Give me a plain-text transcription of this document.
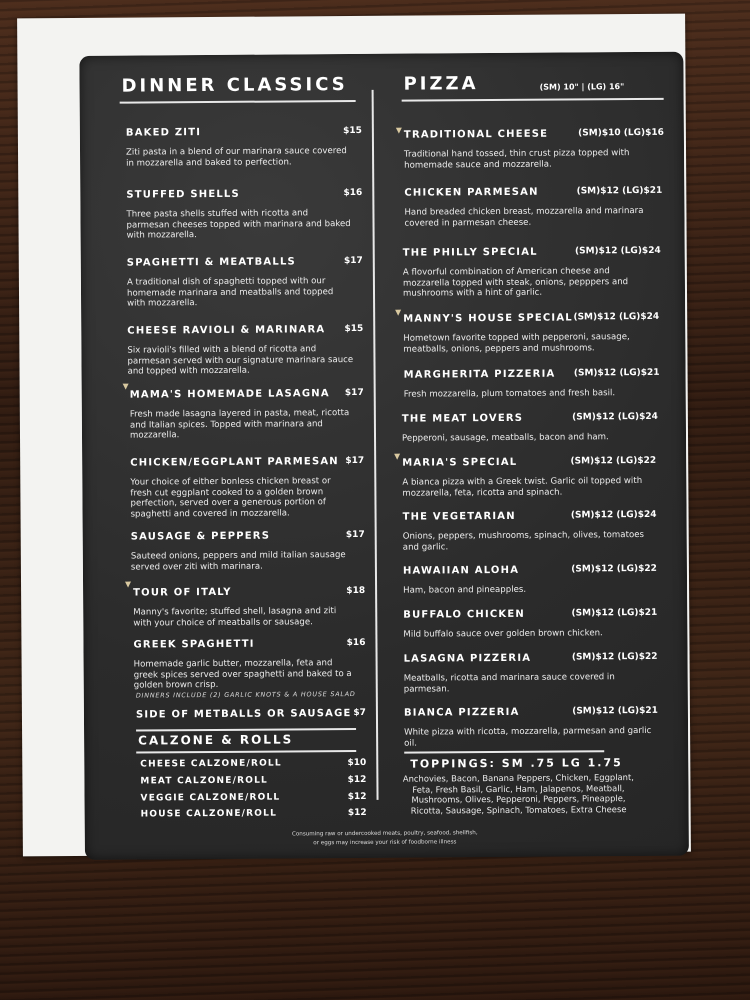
DINNER CLASSICS
BAKED ZITI	$15
Ziti pasta in a blend of our marinara sauce covered in mozzarella and baked to perfection.
STUFFED SHELLS	$16
Three pasta shells stuffed with ricotta and parmesan cheeses topped with marinara and baked with mozzarella.
SPAGHETTI & MEATBALLS	$17
A traditional dish of spaghetti topped with our homemade marinara and meatballs and topped with mozzarella.
CHEESE RAVIOLI & MARINARA	$15
Six ravioli's filled with a blend of ricotta and parmesan served with our signature marinara sauce and topped with mozzarella.
MAMA'S HOMEMADE LASAGNA	$17
Fresh made lasagna layered in pasta, meat, ricotta and Italian spices. Topped with marinara and mozzarella.
CHICKEN/EGGPLANT PARMESAN $17
Your choice of either bonless chicken breast or fresh cut eggplant cooked to a golden brown perfection, served over a generous portion of spaghetti and covered in mozzarella.
SAUSAGE & PEPPERS	$17
Sauteed onions, peppers and mild italian sausage served over ziti with marinara.
TOUR OF ITALY	$18
Manny's favorite; stuffed shell, lasagna and ziti with your choice of meatballs or sausage.
GREEK SPAGHETTI	$16
Homemade garlic butter, mozzarella, feta and greek spices served over spaghetti and baked to a golden brown crisp.
DINNERS INCLUDE (2) GARLIC KNOTS & A HOUSE SALAD
SIDE OF METBALLS OR SAUSAGE $7
CALZONE & ROLLS
CHEESE CALZONE/ROLL	$10
MEAT CALZONE/ROLL	$12
VEGGIE CALZONE/ROLL	$12
HOUSE CALZONE/ROLL	$12
PIZZA	(SM) 10" | (LG) 16"
TRADITIONAL CHEESE	(SM)$10 (LG)$16
Traditional hand tossed, thin crust pizza topped with homemade sauce and mozzarella.
CHICKEN PARMESAN	(SM)$12 (LG)$21
Hand breaded chicken breast, mozzarella and marinara covered in parmesan cheese.
THE PHILLY SPECIAL	(SM)$12 (LG)$24
A flovorful combination of American cheese and mozzarella topped with steak, onions, pepppers and mushrooms with a hint of garlic.
MANNY'S HOUSE SPECIAL (SM)$12 (LG)$24
Hometown favorite topped with pepperoni, sausage, meatballs, onions, peppers and mushrooms.
MARGHERITA PIZZERIA	(SM)$12 (LG)$21
Fresh mozzarella, plum tomatoes and fresh basil.
THE MEAT LOVERS	(SM)$12 (LG)$24
Pepperoni, sausage, meatballs, bacon and ham.
MARIA'S SPECIAL	(SM)$12 (LG)$22
A bianca pizza with a Greek twist. Garlic oil topped with mozzarella, feta, ricotta and spinach.
THE VEGETARIAN	(SM)$12 (LG)$24
Onions, peppers, mushrooms, spinach, olives, tomatoes and garlic.
HAWAIIAN ALOHA	(SM)$12 (LG)$22
Ham, bacon and pineapples.
BUFFALO CHICKEN	(SM)$12 (LG)$21
Mild buffalo sauce over golden brown chicken.
LASAGNA PIZZERIA	(SM)$12 (LG)$22
Meatballs, ricotta and marinara sauce covered in parmesan.
BIANCA PIZZERIA	(SM)$12 (LG)$21
White pizza with ricotta, mozzarella, parmesan and garlic oil.
TOPPINGS: SM .75 LG 1.75
Anchovies, Bacon, Banana Peppers, Chicken, Eggplant, Feta, Fresh Basil, Garlic, Ham, Jalapenos, Meatball, Mushrooms, Olives, Pepperoni, Peppers, Pineapple, Ricotta, Sausage, Spinach, Tomatoes, Extra Cheese
Consuming raw or undercooked meats, poultry, seafood, shellfish,
or eggs may increase your risk of foodborne illness
